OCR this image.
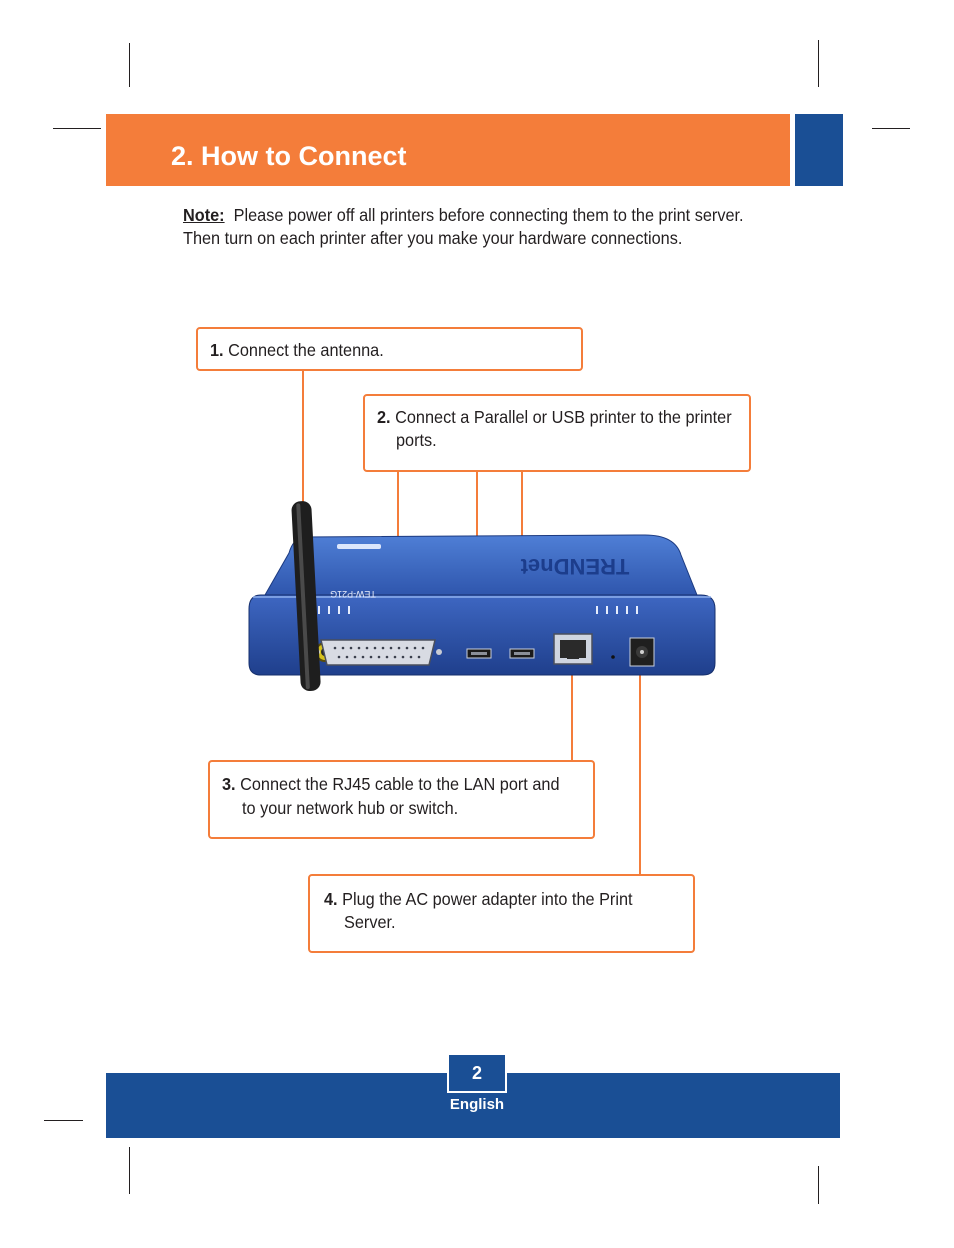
2. How to Connect
Note: Please power off all printers before connecting them to the print server.
Then turn on each printer after you make your hardware connections.
TRENDnet
TEW-P21G
1. Connect the antenna.
2. Connect a Parallel or USB printer to the printer
ports.
3. Connect the RJ45 cable to the LAN port and
to your network hub or switch.
4. Plug the AC power adapter into the Print
Server.
2
English
